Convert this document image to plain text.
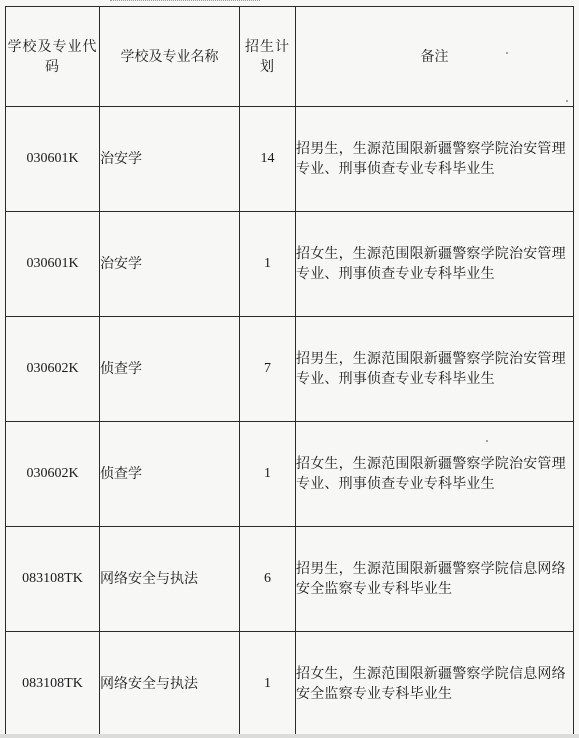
学校及专业代码	学校及专业名称	招生计划	备注
030601K	治安学	14	招男生，生源范围限新疆警察学院治安管理专业、刑事侦查专业专科毕业生
030601K	治安学	1	招女生，生源范围限新疆警察学院治安管理专业、刑事侦查专业专科毕业生
030602K	侦查学	7	招男生，生源范围限新疆警察学院治安管理专业、刑事侦查专业专科毕业生
030602K	侦查学	1	招女生，生源范围限新疆警察学院治安管理专业、刑事侦查专业专科毕业生
083108TK	网络安全与执法	6	招男生，生源范围限新疆警察学院信息网络安全监察专业专科毕业生
083108TK	网络安全与执法	1	招女生，生源范围限新疆警察学院信息网络安全监察专业专科毕业生
